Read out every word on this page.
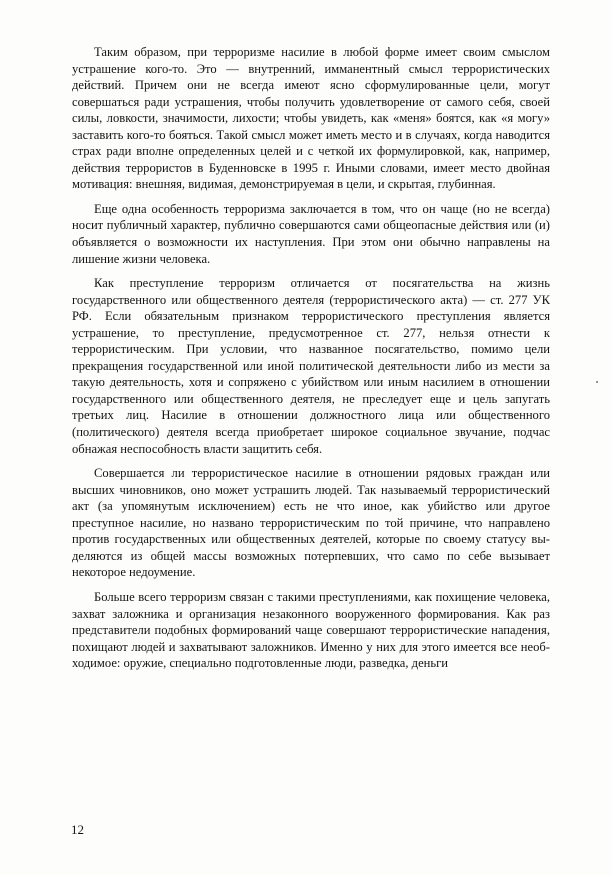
Таким образом, при терроризме насилие в любой форме имеет своим смыслом устрашение кого-то. Это — внутренний, имманентный смысл террористических действий. Причем они не всегда имеют ясно сформулированные цели, могут совершаться ради устрашения, чтобы получить удовлетворение от самого себя, своей силы, ловкости, значимости, лихости; чтобы увидеть, как «меня» боятся, как «я могу» заставить кого-то бояться. Такой смысл может иметь место и в случаях, когда наводится страх ради вполне определенных целей и с четкой их формулировкой, как, например, действия террористов в Буденновске в 1995 г. Иными словами, имеет место двойная мотивация: внешняя, видимая, демонстрируемая в цели, и скрытая, глубинная.

Еще одна особенность терроризма заключается в том, что он чаще (но не всегда) носит публичный характер, публично совершаются сами общеопасные действия или (и) объявляется о возможности их наступления. При этом они обычно направлены на лишение жизни человека.

Как преступление терроризм отличается от посягательства на жизнь государственного или общественного деятеля (террористического акта) — ст. 277 УК РФ. Если обязательным признаком террористического преступления является устрашение, то преступление, предусмотренное ст. 277, нельзя отнести к террористическим. При условии, что названное посягательство, помимо цели прекращения государственной или иной политической деятельности либо из мести за такую деятельность, хотя и сопряжено с убийством или иным насилием в отношении государственного или общественного деятеля, не преследует еще и цель запугать третьих лиц. Насилие в отношении должностного лица или общественного (политического) деятеля всегда приобретает широкое социальное звучание, подчас обнажая неспособность власти защитить себя.

Совершается ли террористическое насилие в отношении рядовых граждан или высших чиновников, оно может устрашить людей. Так называемый террористический акт (за упомянутым исключением) есть не что иное, как убийство или другое преступное насилие, но названо террористическим по той причине, что направлено против государственных или общественных деятелей, которые по своему статусу выделяются из общей массы возможных потерпевших, что само по себе вызывает некоторое недоумение.

Больше всего терроризм связан с такими преступлениями, как похищение человека, захват заложника и организация незаконного вооруженного формирования. Как раз представители подобных формирований чаще совершают террористические нападения, похищают людей и захватывают заложников. Именно у них для этого имеется все необходимое: оружие, специально подготовленные люди, разведка, деньги

12
